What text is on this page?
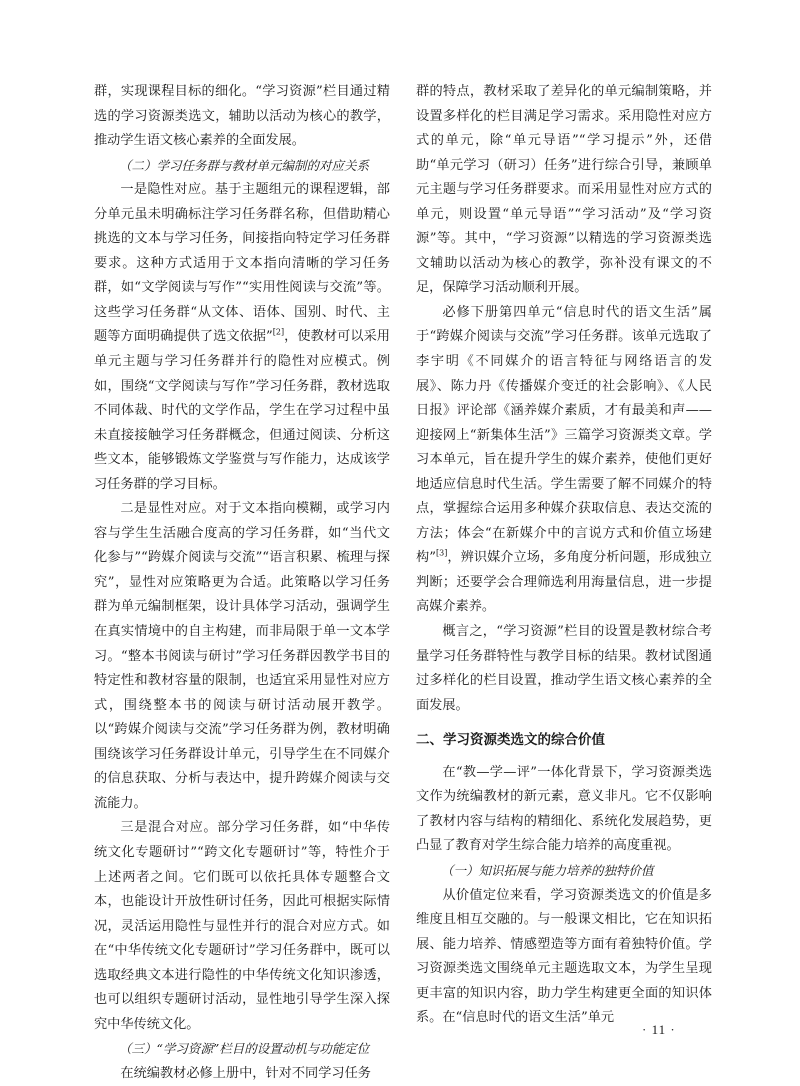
群，实现课程目标的细化。“学习资源”栏目通过精选的学习资源类选文，辅助以活动为核心的教学，推动学生语文核心素养的全面发展。

（二）学习任务群与教材单元编制的对应关系

一是隐性对应。基于主题组元的课程逻辑，部分单元虽未明确标注学习任务群名称，但借助精心挑选的文本与学习任务，间接指向特定学习任务群要求。这种方式适用于文本指向清晰的学习任务群，如“文学阅读与写作”“实用性阅读与交流”等。这些学习任务群“从文体、语体、国别、时代、主题等方面明确提供了选文依据”[2]，使教材可以采用单元主题与学习任务群并行的隐性对应模式。例如，围绕“文学阅读与写作”学习任务群，教材选取不同体裁、时代的文学作品，学生在学习过程中虽未直接接触学习任务群概念，但通过阅读、分析这些文本，能够锻炼文学鉴赏与写作能力，达成该学习任务群的学习目标。

二是显性对应。对于文本指向模糊，或学习内容与学生生活融合度高的学习任务群，如“当代文化参与”“跨媒介阅读与交流”“语言积累、梳理与探究”，显性对应策略更为合适。此策略以学习任务群为单元编制框架，设计具体学习活动，强调学生在真实情境中的自主构建，而非局限于单一文本学习。“整本书阅读与研讨”学习任务群因教学书目的特定性和教材容量的限制，也适宜采用显性对应方式，围绕整本书的阅读与研讨活动展开教学。以“跨媒介阅读与交流”学习任务群为例，教材明确围绕该学习任务群设计单元，引导学生在不同媒介的信息获取、分析与表达中，提升跨媒介阅读与交流能力。

三是混合对应。部分学习任务群，如“中华传统文化专题研讨”“跨文化专题研讨”等，特性介于上述两者之间。它们既可以依托具体专题整合文本，也能设计开放性研讨任务，因此可根据实际情况，灵活运用隐性与显性并行的混合对应方式。如在“中华传统文化专题研讨”学习任务群中，既可以选取经典文本进行隐性的中华传统文化知识渗透，也可以组织专题研讨活动，显性地引导学生深入探究中华传统文化。

（三）“学习资源”栏目的设置动机与功能定位

在统编教材必修上册中，针对不同学习任务

群的特点，教材采取了差异化的单元编制策略，并设置多样化的栏目满足学习需求。采用隐性对应方式的单元，除“单元导语”“学习提示”外，还借助“单元学习（研习）任务”进行综合引导，兼顾单元主题与学习任务群要求。而采用显性对应方式的单元，则设置“单元导语”“学习活动”及“学习资源”等。其中，“学习资源”以精选的学习资源类选文辅助以活动为核心的教学，弥补没有课文的不足，保障学习活动顺利开展。

必修下册第四单元“信息时代的语文生活”属于“跨媒介阅读与交流”学习任务群。该单元选取了李宇明《不同媒介的语言特征与网络语言的发展》、陈力丹《传播媒介变迁的社会影响》、《人民日报》评论部《涵养媒介素质，才有最美和声——迎接网上“新集体生活”》三篇学习资源类文章。学习本单元，旨在提升学生的媒介素养，使他们更好地适应信息时代生活。学生需要了解不同媒介的特点，掌握综合运用多种媒介获取信息、表达交流的方法；体会“在新媒介中的言说方式和价值立场建构”[3]，辨识媒介立场，多角度分析问题，形成独立判断；还要学会合理筛选利用海量信息，进一步提高媒介素养。

概言之，“学习资源”栏目的设置是教材综合考量学习任务群特性与教学目标的结果。教材试图通过多样化的栏目设置，推动学生语文核心素养的全面发展。

二、学习资源类选文的综合价值

在“教—学—评”一体化背景下，学习资源类选文作为统编教材的新元素，意义非凡。它不仅影响了教材内容与结构的精细化、系统化发展趋势，更凸显了教育对学生综合能力培养的高度重视。

（一）知识拓展与能力培养的独特价值

从价值定位来看，学习资源类选文的价值是多维度且相互交融的。与一般课文相比，它在知识拓展、能力培养、情感塑造等方面有着独特价值。学习资源类选文围绕单元主题选取文本，为学生呈现更丰富的知识内容，助力学生构建更全面的知识体系。在“信息时代的语文生活”单元

· 11 ·
